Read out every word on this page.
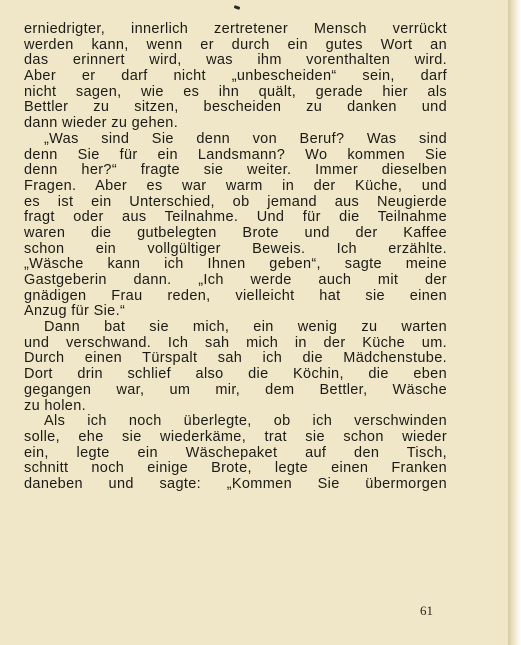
erniedrigter, innerlich zertretener Mensch verrückt
werden kann, wenn er durch ein gutes Wort an
das erinnert wird, was ihm vorenthalten wird.
Aber er darf nicht „unbescheiden“ sein, darf
nicht sagen, wie es ihn quält, gerade hier als
Bettler zu sitzen, bescheiden zu danken und
dann wieder zu gehen.
„Was sind Sie denn von Beruf? Was sind
denn Sie für ein Landsmann? Wo kommen Sie
denn her?“ fragte sie weiter. Immer dieselben
Fragen. Aber es war warm in der Küche, und
es ist ein Unterschied, ob jemand aus Neugierde
fragt oder aus Teilnahme. Und für die Teilnahme
waren die gutbelegten Brote und der Kaffee
schon ein vollgültiger Beweis. Ich erzählte.
„Wäsche kann ich Ihnen geben“, sagte meine
Gastgeberin dann. „Ich werde auch mit der
gnädigen Frau reden, vielleicht hat sie einen
Anzug für Sie.“
Dann bat sie mich, ein wenig zu warten
und verschwand. Ich sah mich in der Küche um.
Durch einen Türspalt sah ich die Mädchenstube.
Dort drin schlief also die Köchin, die eben
gegangen war, um mir, dem Bettler, Wäsche
zu holen.
Als ich noch überlegte, ob ich verschwinden
solle, ehe sie wiederkäme, trat sie schon wieder
ein, legte ein Wäschepaket auf den Tisch,
schnitt noch einige Brote, legte einen Franken
daneben und sagte: „Kommen Sie übermorgen
61
